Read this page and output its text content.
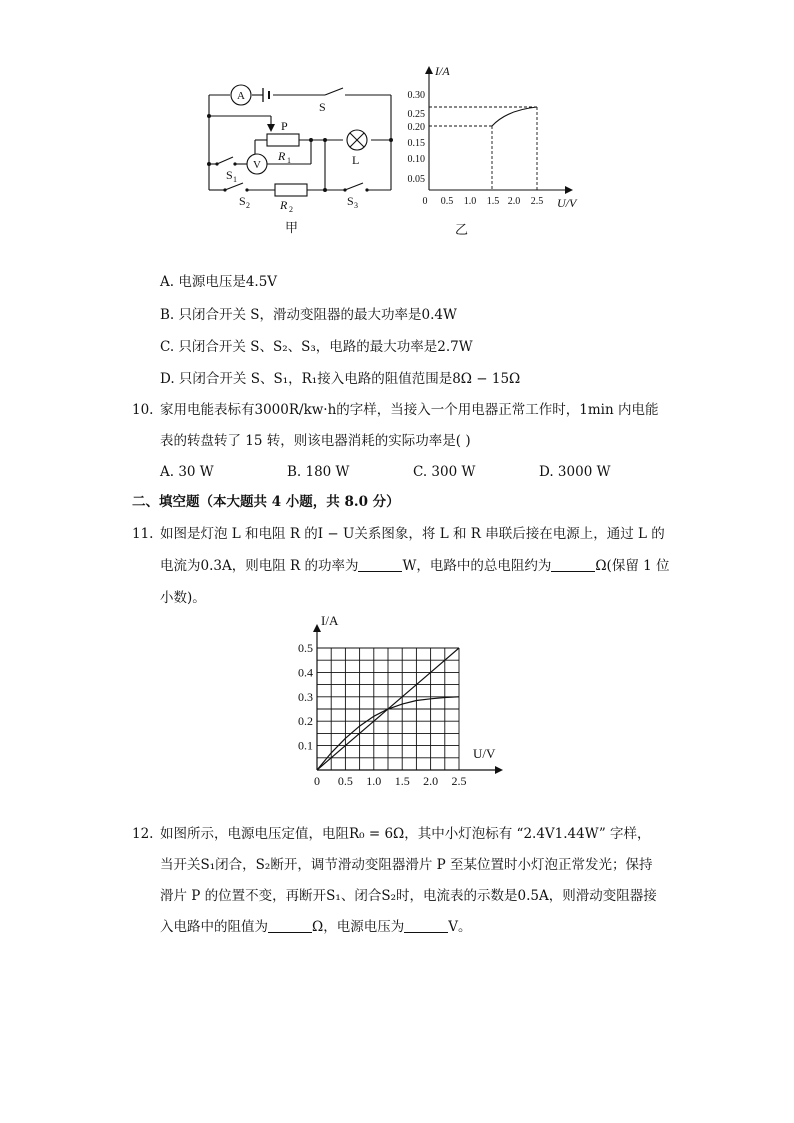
A
V
S
P
R 1	L
S 1
S 2	R 2
S 3
甲
I/A
U/V
0.30
0.25
0.20
0.15
0.10
0.05
0 0.5 1.0 1.5 2.0 2.5
乙
A. 电源电压是4.5V
B. 只闭合开关 S，滑动变阻器的最大功率是0.4W
C. 只闭合开关 S、S₂、S₃，电路的最大功率是2.7W
D. 只闭合开关 S、S₁，R₁接入电路的阻值范围是8Ω − 15Ω
10. 家用电能表标有3000R/kw·h的字样，当接入一个用电器正常工作时，1min 内电能
表的转盘转了 15 转，则该电器消耗的实际功率是( )
A. 30 W	B. 180 W	C. 300 W	D. 3000 W
二、填空题（本大题共 4 小题，共 8.0 分）
11. 如图是灯泡 L 和电阻 R 的I − U关系图象，将 L 和 R 串联后接在电源上，通过 L 的
电流为0.3A，则电阻 R 的功率为	W，电路中的总电阻约为	Ω(保留 1 位
小数)。
0 0.5 1.0 1.5 2.0 2.5
0.1
0.2
0.3
0.4
0.5
I/A
U/V
12. 如图所示，电源电压定值，电阻R₀ = 6Ω，其中小灯泡标有 “2.4V1.44W” 字样，
当开关S₁闭合，S₂断开，调节滑动变阻器滑片 P 至某位置时小灯泡正常发光；保持
滑片 P 的位置不变，再断开S₁、闭合S₂时，电流表的示数是0.5A，则滑动变阻器接
入电路中的阻值为	Ω，电源电压为	V。
